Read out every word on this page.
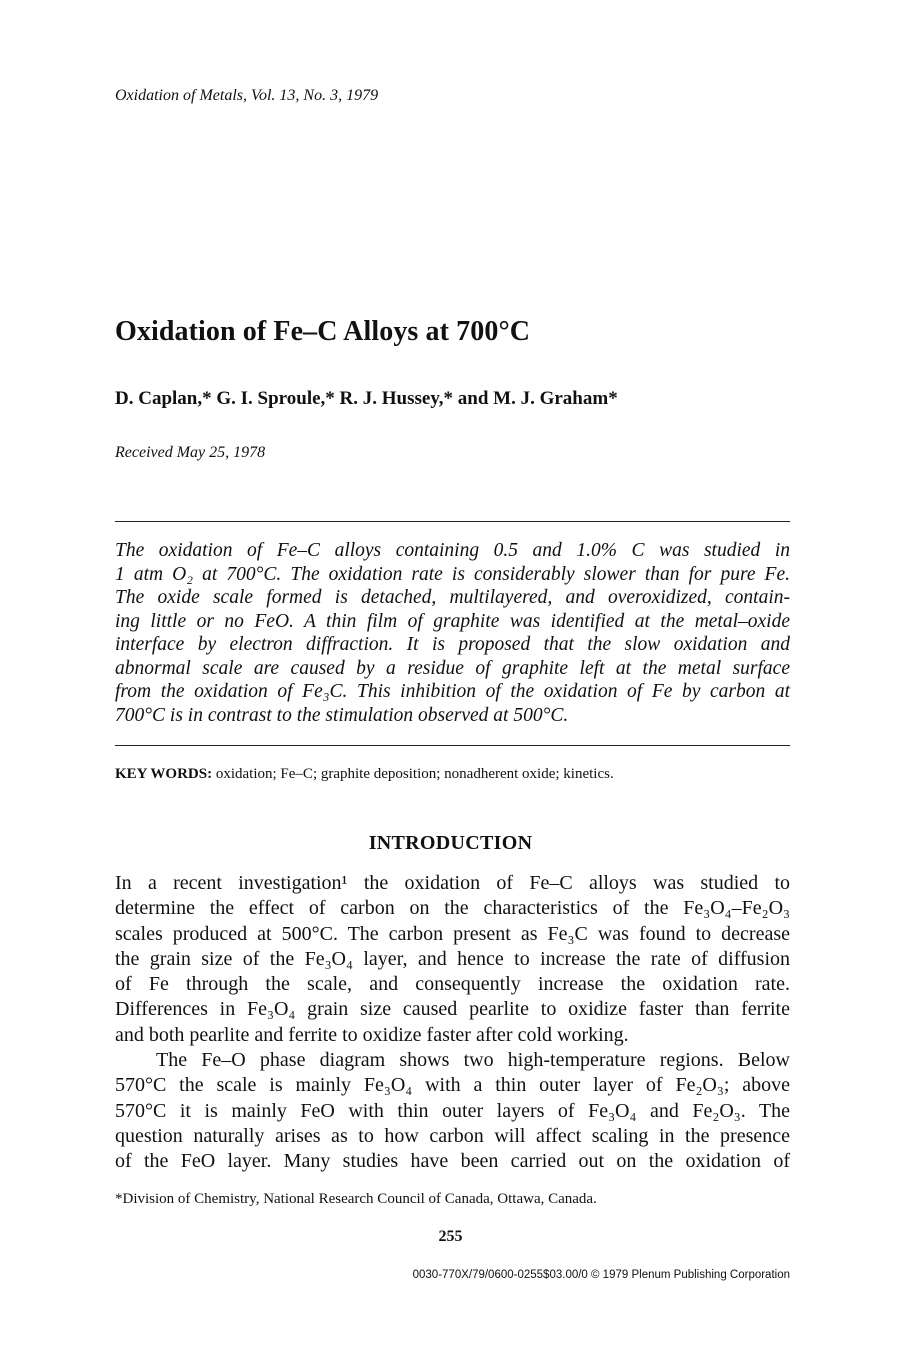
Oxidation of Metals, Vol. 13, No. 3, 1979

Oxidation of Fe–C Alloys at 700°C

D. Caplan,* G. I. Sproule,* R. J. Hussey,* and M. J. Graham*

Received May 25, 1978

The oxidation of Fe–C alloys containing 0.5 and 1.0% C was studied in
1 atm O₂ at 700°C. The oxidation rate is considerably slower than for pure Fe.
The oxide scale formed is detached, multilayered, and overoxidized, contain-
ing little or no FeO. A thin film of graphite was identified at the metal–oxide
interface by electron diffraction. It is proposed that the slow oxidation and
abnormal scale are caused by a residue of graphite left at the metal surface
from the oxidation of Fe₃C. This inhibition of the oxidation of Fe by carbon at
700°C is in contrast to the stimulation observed at 500°C.

KEY WORDS: oxidation; Fe–C; graphite deposition; nonadherent oxide; kinetics.

INTRODUCTION
In a recent investigation¹ the oxidation of Fe–C alloys was studied to
determine the effect of carbon on the characteristics of the Fe₃O₄–Fe₂O₃
scales produced at 500°C. The carbon present as Fe₃C was found to decrease
the grain size of the Fe₃O₄ layer, and hence to increase the rate of diffusion
of Fe through the scale, and consequently increase the oxidation rate.
Differences in Fe₃O₄ grain size caused pearlite to oxidize faster than ferrite
and both pearlite and ferrite to oxidize faster after cold working.
The Fe–O phase diagram shows two high-temperature regions. Below
570°C the scale is mainly Fe₃O₄ with a thin outer layer of Fe₂O₃; above
570°C it is mainly FeO with thin outer layers of Fe₃O₄ and Fe₂O₃. The
question naturally arises as to how carbon will affect scaling in the presence
of the FeO layer. Many studies have been carried out on the oxidation of

*Division of Chemistry, National Research Council of Canada, Ottawa, Canada.

255

0030-770X/79/0600-0255$03.00/0 © 1979 Plenum Publishing Corporation
